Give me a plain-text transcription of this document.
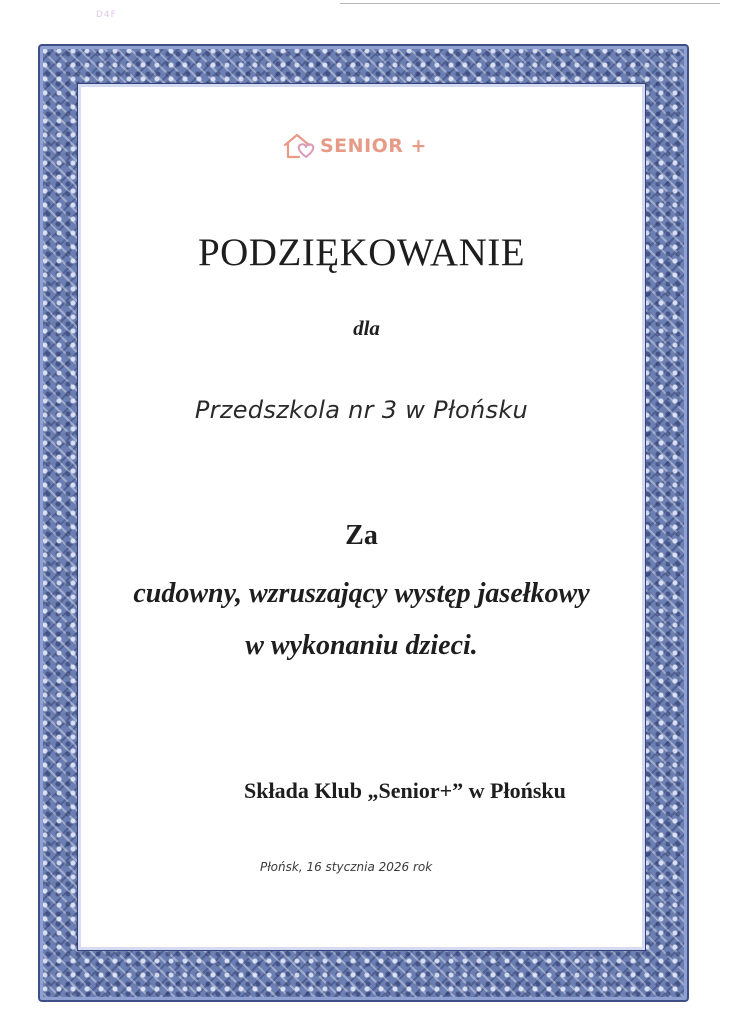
D4F
SENIOR +
PODZIĘKOWANIE
dla
Przedszkola nr 3 w Płońsku
Za
cudowny, wzruszający występ jasełkowy
w wykonaniu dzieci.
Składa Klub „Senior+” w Płońsku
Płońsk, 16 stycznia 2026 rok
